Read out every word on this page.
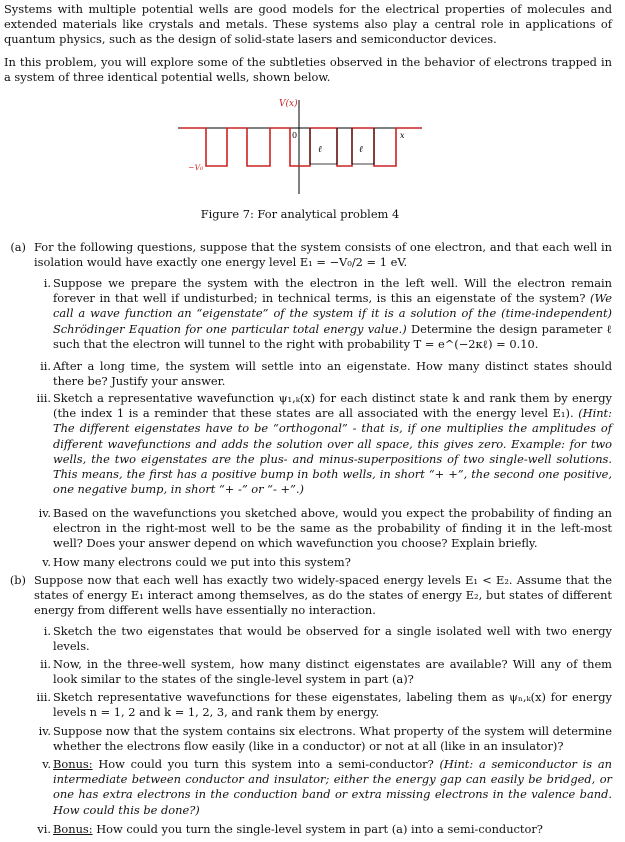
Systems with multiple potential wells are good models for the electrical properties of molecules and extended materials like crystals and metals. These systems also play a central role in applications of quantum physics, such as the design of solid-state lasers and semiconductor devices.
In this problem, you will explore some of the subtleties observed in the behavior of electrons trapped in a system of three identical potential wells, shown below.
V(x)
0
ℓ	ℓ
x
−V₀
Figure 7: For analytical problem 4
(a) For the following questions, suppose that the system consists of one electron, and that each well in isolation would have exactly one energy level E₁ = −V₀/2 = 1 eV.
i. Suppose we prepare the system with the electron in the left well. Will the electron remain forever in that well if undisturbed; in technical terms, is this an eigenstate of the system? (We call a wave function an “eigenstate” of the system if it is a solution of the (time-independent) Schrödinger Equation for one particular total energy value.) Determine the design parameter ℓ such that the electron will tunnel to the right with probability T = e^(−2κℓ) = 0.10.
ii. After a long time, the system will settle into an eigenstate. How many distinct states should there be? Justify your answer.
iii. Sketch a representative wavefunction ψ₁,ₖ(x) for each distinct state k and rank them by energy (the index 1 is a reminder that these states are all associated with the energy level E₁). (Hint: The different eigenstates have to be “orthogonal” - that is, if one multiplies the amplitudes of different wavefunctions and adds the solution over all space, this gives zero. Example: for two wells, the two eigenstates are the plus- and minus-superpositions of two single-well solutions. This means, the first has a positive bump in both wells, in short “+ +”, the second one positive, one negative bump, in short “+ -” or “- +”.)
iv. Based on the wavefunctions you sketched above, would you expect the probability of finding an electron in the right-most well to be the same as the probability of finding it in the left-most well? Does your answer depend on which wavefunction you choose? Explain briefly.
v. How many electrons could we put into this system?
(b) Suppose now that each well has exactly two widely-spaced energy levels E₁ < E₂. Assume that the states of energy E₁ interact among themselves, as do the states of energy E₂, but states of different energy from different wells have essentially no interaction.
i. Sketch the two eigenstates that would be observed for a single isolated well with two energy levels.
ii. Now, in the three-well system, how many distinct eigenstates are available? Will any of them look similar to the states of the single-level system in part (a)?
iii. Sketch representative wavefunctions for these eigenstates, labeling them as ψₙ,ₖ(x) for energy levels n = 1, 2 and k = 1, 2, 3, and rank them by energy.
iv. Suppose now that the system contains six electrons. What property of the system will determine whether the electrons flow easily (like in a conductor) or not at all (like in an insulator)?
v. Bonus: How could you turn this system into a semi-conductor? (Hint: a semiconductor is an intermediate between conductor and insulator; either the energy gap can easily be bridged, or one has extra electrons in the conduction band or extra missing electrons in the valence band. How could this be done?)
vi. Bonus: How could you turn the single-level system in part (a) into a semi-conductor?
